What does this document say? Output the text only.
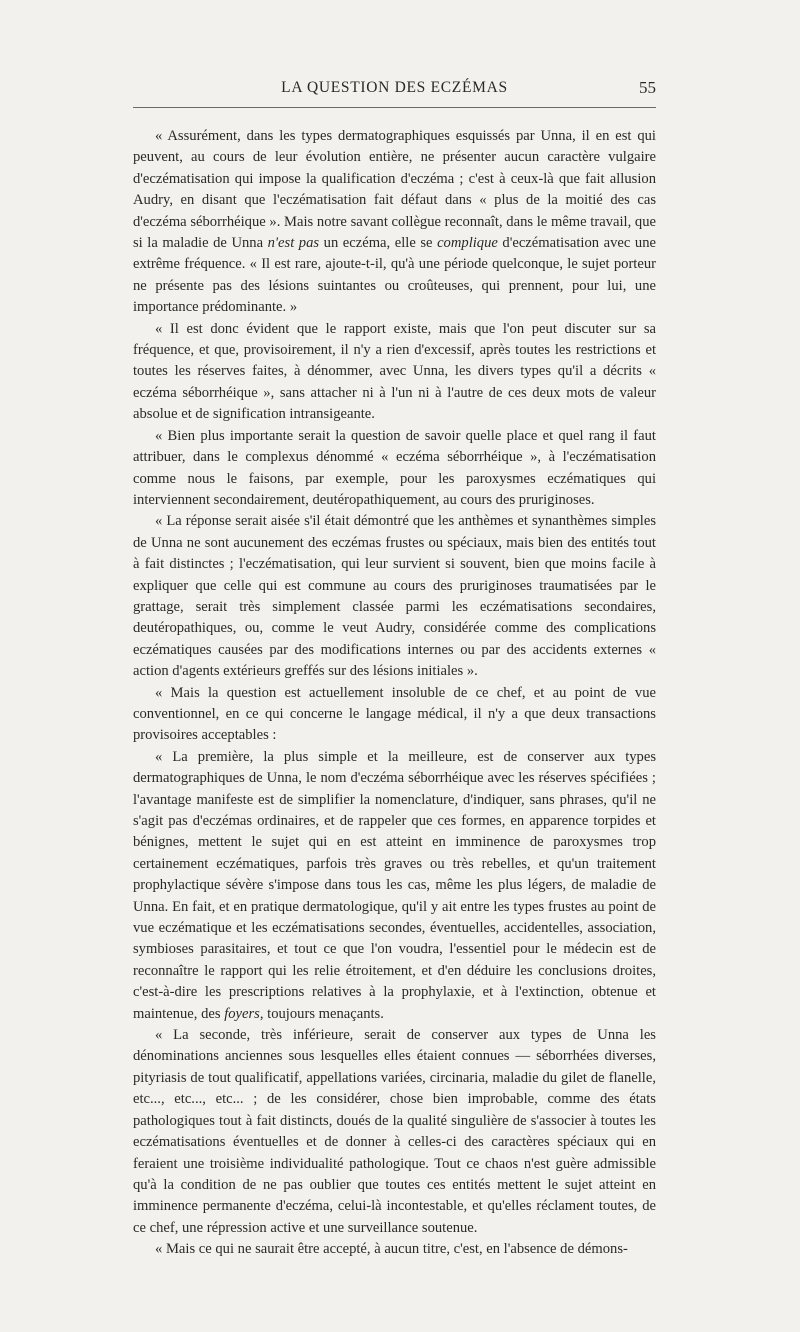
LA QUESTION DES ECZÉMAS	55

« Assurément, dans les types dermatographiques esquissés par Unna, il en est qui peuvent, au cours de leur évolution entière, ne présenter aucun caractère vulgaire d'eczématisation qui impose la qualification d'eczéma ; c'est à ceux-là que fait allusion Audry, en disant que l'eczématisation fait défaut dans « plus de la moitié des cas d'eczéma séborrhéique ». Mais notre savant collègue reconnaît, dans le même travail, que si la maladie de Unna n'est pas un eczéma, elle se complique d'eczématisation avec une extrême fréquence. « Il est rare, ajoute-t-il, qu'à une période quelconque, le sujet porteur ne présente pas des lésions suintantes ou croûteuses, qui prennent, pour lui, une importance prédominante. »

« Il est donc évident que le rapport existe, mais que l'on peut discuter sur sa fréquence, et que, provisoirement, il n'y a rien d'excessif, après toutes les restrictions et toutes les réserves faites, à dénommer, avec Unna, les divers types qu'il a décrits « eczéma séborrhéique », sans attacher ni à l'un ni à l'autre de ces deux mots de valeur absolue et de signification intransigeante.

« Bien plus importante serait la question de savoir quelle place et quel rang il faut attribuer, dans le complexus dénommé « eczéma séborrhéique », à l'eczématisation comme nous le faisons, par exemple, pour les paroxysmes eczématiques qui interviennent secondairement, deutéropathiquement, au cours des pruriginoses.

« La réponse serait aisée s'il était démontré que les anthèmes et synanthèmes simples de Unna ne sont aucunement des eczémas frustes ou spéciaux, mais bien des entités tout à fait distinctes ; l'eczématisation, qui leur survient si souvent, bien que moins facile à expliquer que celle qui est commune au cours des pruriginoses traumatisées par le grattage, serait très simplement classée parmi les eczématisations secondaires, deutéropathiques, ou, comme le veut Audry, considérée comme des complications eczématiques causées par des modifications internes ou par des accidents externes « action d'agents extérieurs greffés sur des lésions initiales ».

« Mais la question est actuellement insoluble de ce chef, et au point de vue conventionnel, en ce qui concerne le langage médical, il n'y a que deux transactions provisoires acceptables :

« La première, la plus simple et la meilleure, est de conserver aux types dermatographiques de Unna, le nom d'eczéma séborrhéique avec les réserves spécifiées ; l'avantage manifeste est de simplifier la nomenclature, d'indiquer, sans phrases, qu'il ne s'agit pas d'eczémas ordinaires, et de rappeler que ces formes, en apparence torpides et bénignes, mettent le sujet qui en est atteint en imminence de paroxysmes trop certainement eczématiques, parfois très graves ou très rebelles, et qu'un traitement prophylactique sévère s'impose dans tous les cas, même les plus légers, de maladie de Unna. En fait, et en pratique dermatologique, qu'il y ait entre les types frustes au point de vue eczématique et les eczématisations secondes, éventuelles, accidentelles, association, symbioses parasitaires, et tout ce que l'on voudra, l'essentiel pour le médecin est de reconnaître le rapport qui les relie étroitement, et d'en déduire les conclusions droites, c'est-à-dire les prescriptions relatives à la prophylaxie, et à l'extinction, obtenue et maintenue, des foyers, toujours menaçants.

« La seconde, très inférieure, serait de conserver aux types de Unna les dénominations anciennes sous lesquelles elles étaient connues — séborrhées diverses, pityriasis de tout qualificatif, appellations variées, circinaria, maladie du gilet de flanelle, etc..., etc..., etc... ; de les considérer, chose bien improbable, comme des états pathologiques tout à fait distincts, doués de la qualité singulière de s'associer à toutes les eczématisations éventuelles et de donner à celles-ci des caractères spéciaux qui en feraient une troisième individualité pathologique. Tout ce chaos n'est guère admissible qu'à la condition de ne pas oublier que toutes ces entités mettent le sujet atteint en imminence permanente d'eczéma, celui-là incontestable, et qu'elles réclament toutes, de ce chef, une répression active et une surveillance soutenue.

« Mais ce qui ne saurait être accepté, à aucun titre, c'est, en l'absence de démons-
